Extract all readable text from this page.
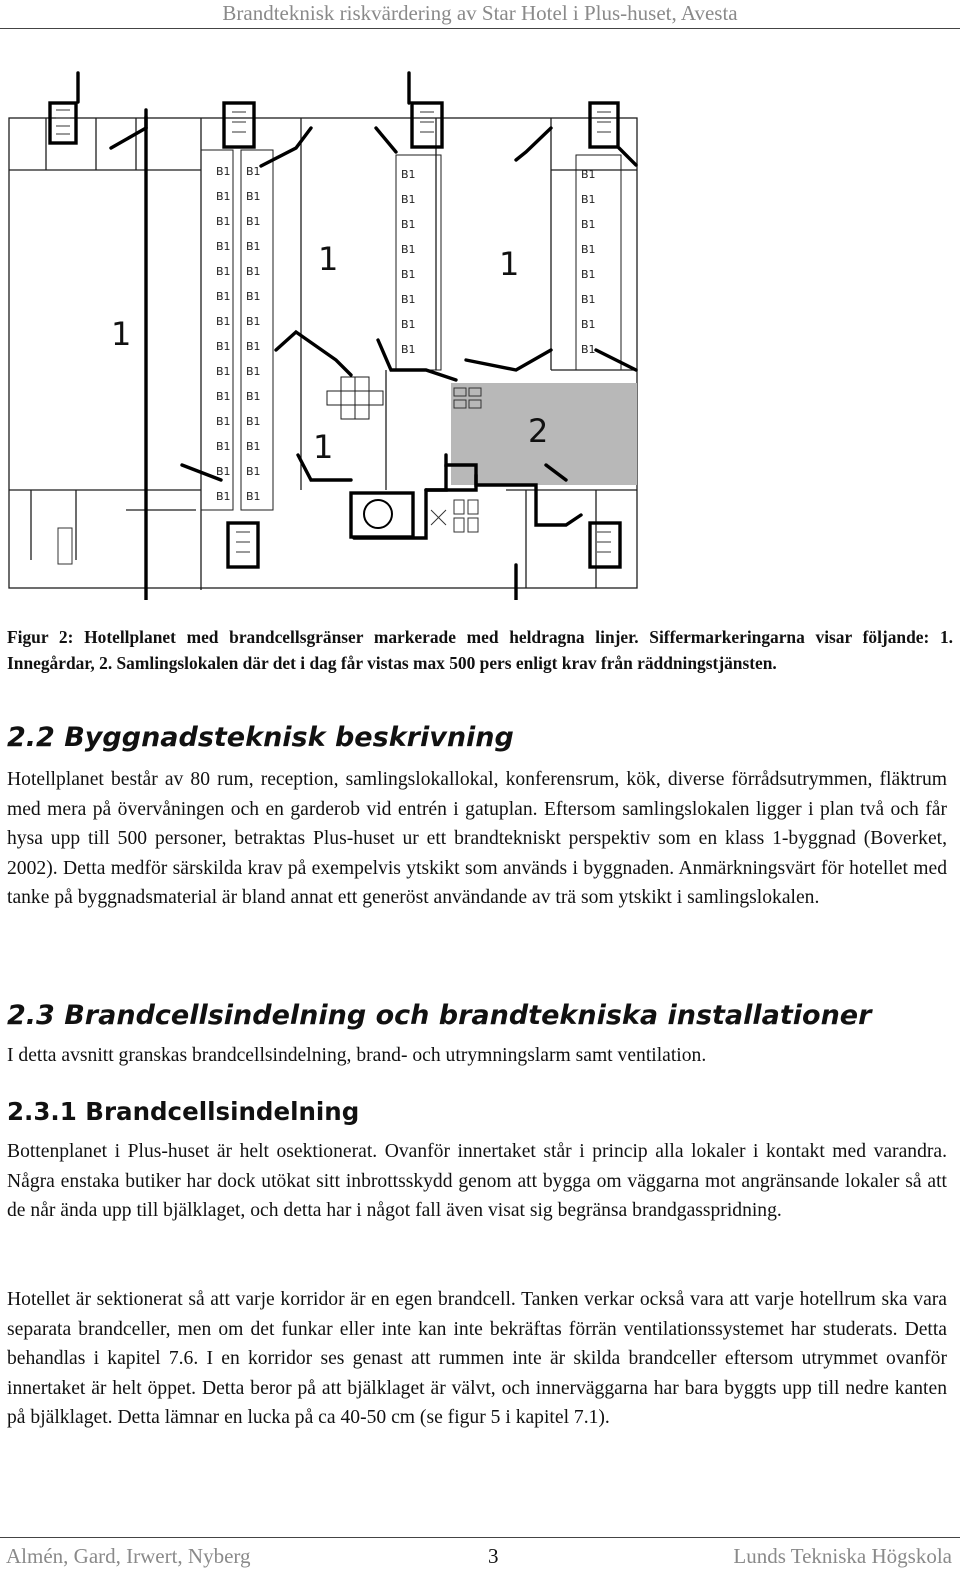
Brandteknisk riskvärdering av Star Hotel i Plus-huset, Avesta
B1
B1
B1
B1
B1
B1
B1
B1
B1
B1
B1
B1
B1
B1
B1
B1
B1
B1
B1
B1
B1
B1
B1
B1
B1
B1
B1
B1
B1
B1
B1
B1
B1
B1
B1
B1
B1
B1
B1
B1
B1
B1
B1
B1
1
1	1
1	2
Figur 2: Hotellplanet med brandcellsgränser markerade med heldragna linjer. Siffermarkeringarna visar följande: 1. Innegårdar, 2. Samlingslokalen där det i dag får vistas max 500 pers enligt krav från räddningstjänsten.
2.2 Byggnadsteknisk beskrivning

Hotellplanet består av 80 rum, reception, samlingslokallokal, konferensrum, kök, diverse förrådsutrymmen, fläktrum med mera på övervåningen och en garderob vid entrén i gatuplan. Eftersom samlingslokalen ligger i plan två och får hysa upp till 500 personer, betraktas Plus-huset ur ett brandtekniskt perspektiv som en klass 1-byggnad (Boverket, 2002). Detta medför särskilda krav på exempelvis ytskikt som används i byggnaden. Anmärkningsvärt för hotellet med tanke på byggnadsmaterial är bland annat ett generöst användande av trä som ytskikt i samlingslokalen.

2.3 Brandcellsindelning och brandtekniska installationer

I detta avsnitt granskas brandcellsindelning, brand- och utrymningslarm samt ventilation.

2.3.1 Brandcellsindelning

Bottenplanet i Plus-huset är helt osektionerat. Ovanför innertaket står i princip alla lokaler i kontakt med varandra. Några enstaka butiker har dock utökat sitt inbrottsskydd genom att bygga om väggarna mot angränsande lokaler så att de når ända upp till bjälklaget, och detta har i något fall även visat sig begränsa brandgasspridning.

Hotellet är sektionerat så att varje korridor är en egen brandcell. Tanken verkar också vara att varje hotellrum ska vara separata brandceller, men om det funkar eller inte kan inte bekräftas förrän ventilationssystemet har studerats. Detta behandlas i kapitel 7.6. I en korridor ses genast att rummen inte är skilda brandceller eftersom utrymmet ovanför innertaket är helt öppet. Detta beror på att bjälklaget är välvt, och innerväggarna har bara byggts upp till nedre kanten på bjälklaget. Detta lämnar en lucka på ca 40-50 cm (se figur 5 i kapitel 7.1).

Almén, Gard, Irwert, Nyberg	3	Lunds Tekniska Högskola
